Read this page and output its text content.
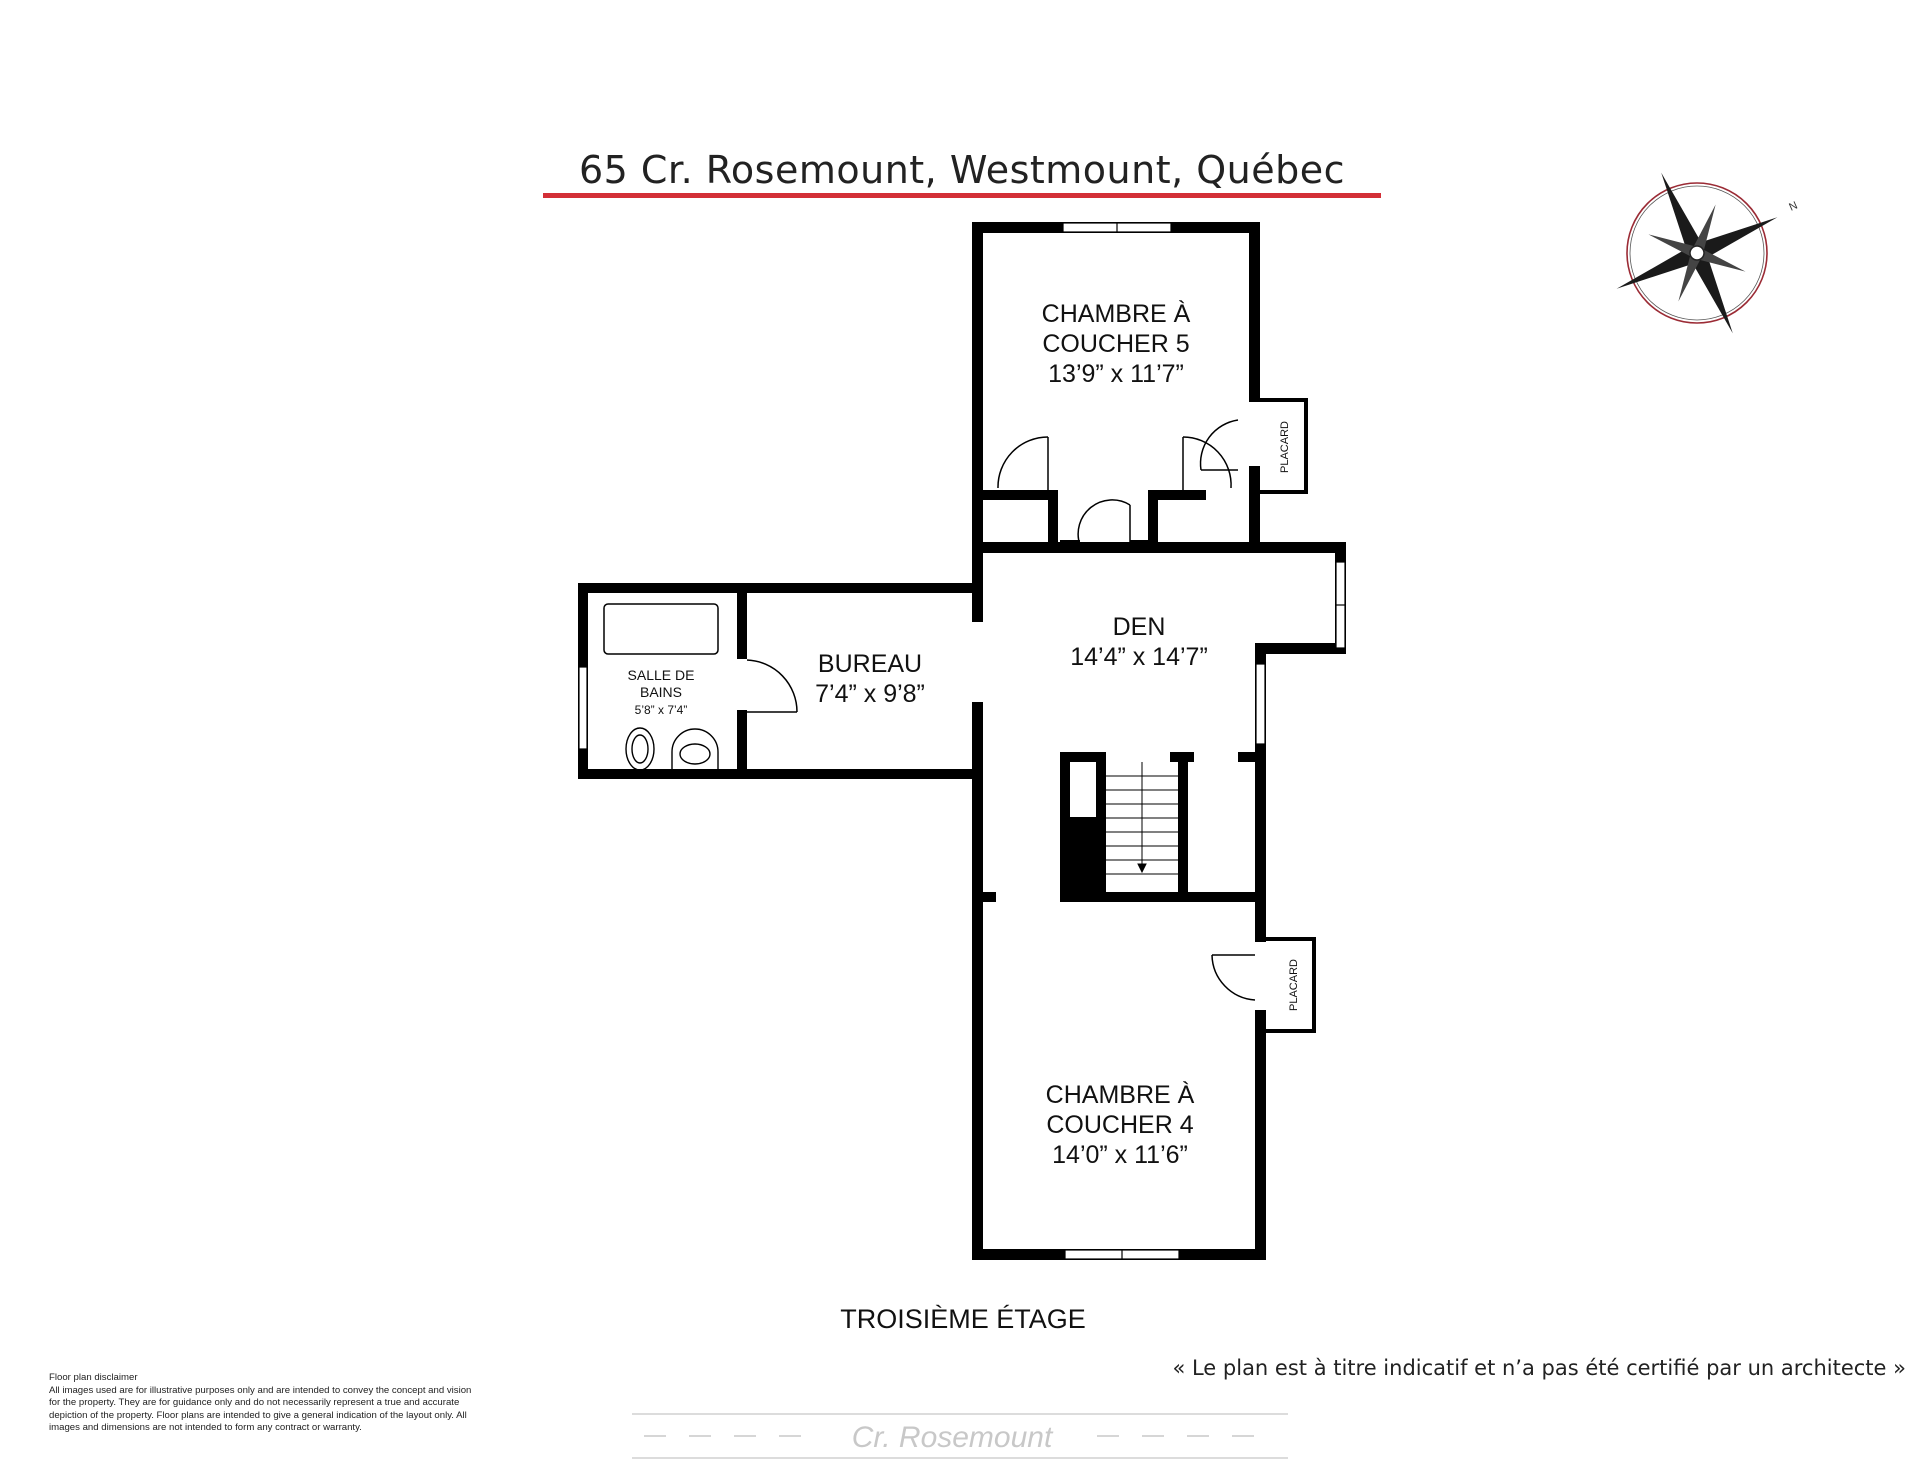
65 Cr. Rosemount, Westmount, Québec
N
CHAMBRE À
COUCHER 5
13’9” x 11’7”
PLACARD
DEN
14’4” x 14’7”
BUREAU
7’4” x 9’8”
SALLE DE
BAINS
5’8” x 7’4”
CHAMBRE À
COUCHER 4
14’0” x 11’6”
PLACARD
TROISIÈME ÉTAGE
« Le plan est à titre indicatif et n’a pas été certifié par un architecte »
Cr. Rosemount
Floor plan disclaimer
All images used are for illustrative purposes only and are intended to convey the concept and vision
for the property. They are for guidance only and do not necessarily represent a true and accurate
depiction of the property. Floor plans are intended to give a general indication of the layout only. All
images and dimensions are not intended to form any contract or warranty.
